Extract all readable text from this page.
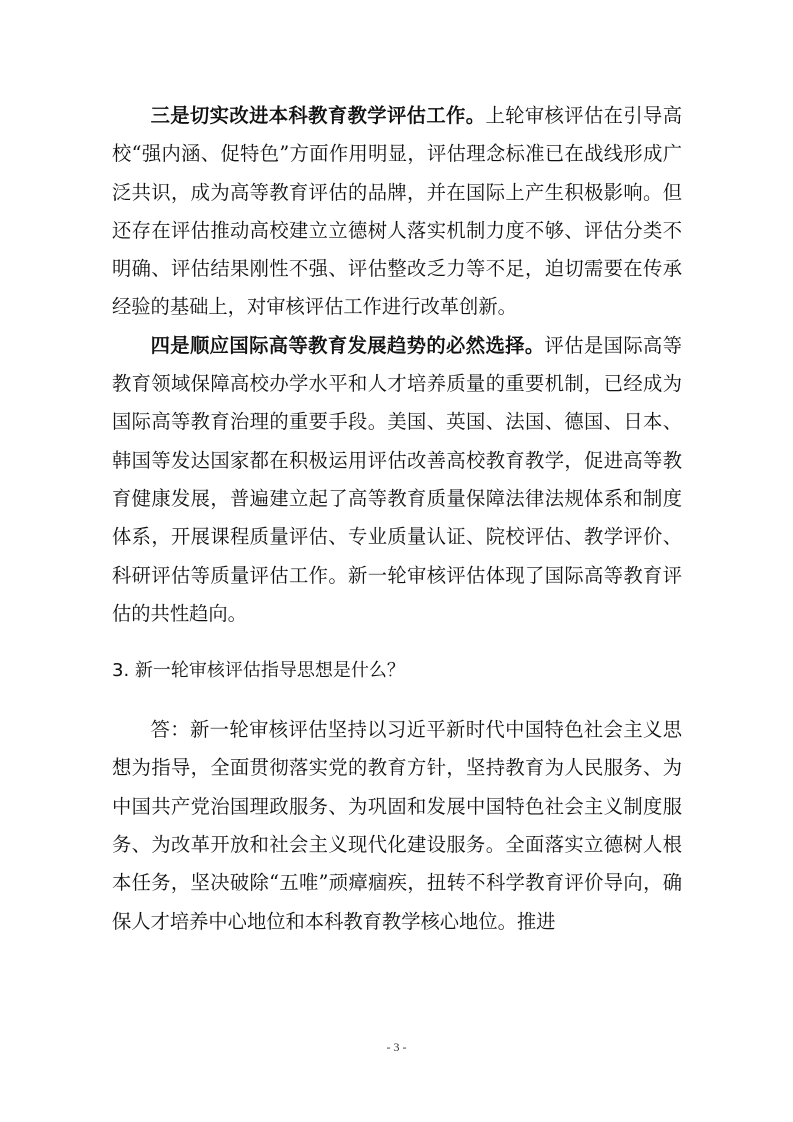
三是切实改进本科教育教学评估工作。上轮审核评估在引导高校“强内涵、促特色”方面作用明显，评估理念标准已在战线形成广泛共识，成为高等教育评估的品牌，并在国际上产生积极影响。但还存在评估推动高校建立立德树人落实机制力度不够、评估分类不明确、评估结果刚性不强、评估整改乏力等不足，迫切需要在传承经验的基础上，对审核评估工作进行改革创新。

四是顺应国际高等教育发展趋势的必然选择。评估是国际高等教育领域保障高校办学水平和人才培养质量的重要机制，已经成为国际高等教育治理的重要手段。美国、英国、法国、德国、日本、韩国等发达国家都在积极运用评估改善高校教育教学，促进高等教育健康发展，普遍建立起了高等教育质量保障法律法规体系和制度体系，开展课程质量评估、专业质量认证、院校评估、教学评价、科研评估等质量评估工作。新一轮审核评估体现了国际高等教育评估的共性趋向。

3. 新一轮审核评估指导思想是什么？

答：新一轮审核评估坚持以习近平新时代中国特色社会主义思想为指导，全面贯彻落实党的教育方针，坚持教育为人民服务、为中国共产党治国理政服务、为巩固和发展中国特色社会主义制度服务、为改革开放和社会主义现代化建设服务。全面落实立德树人根本任务，坚决破除“五唯”顽瘴痼疾，扭转不科学教育评价导向，确保人才培养中心地位和本科教育教学核心地位。推进

- 3 -
